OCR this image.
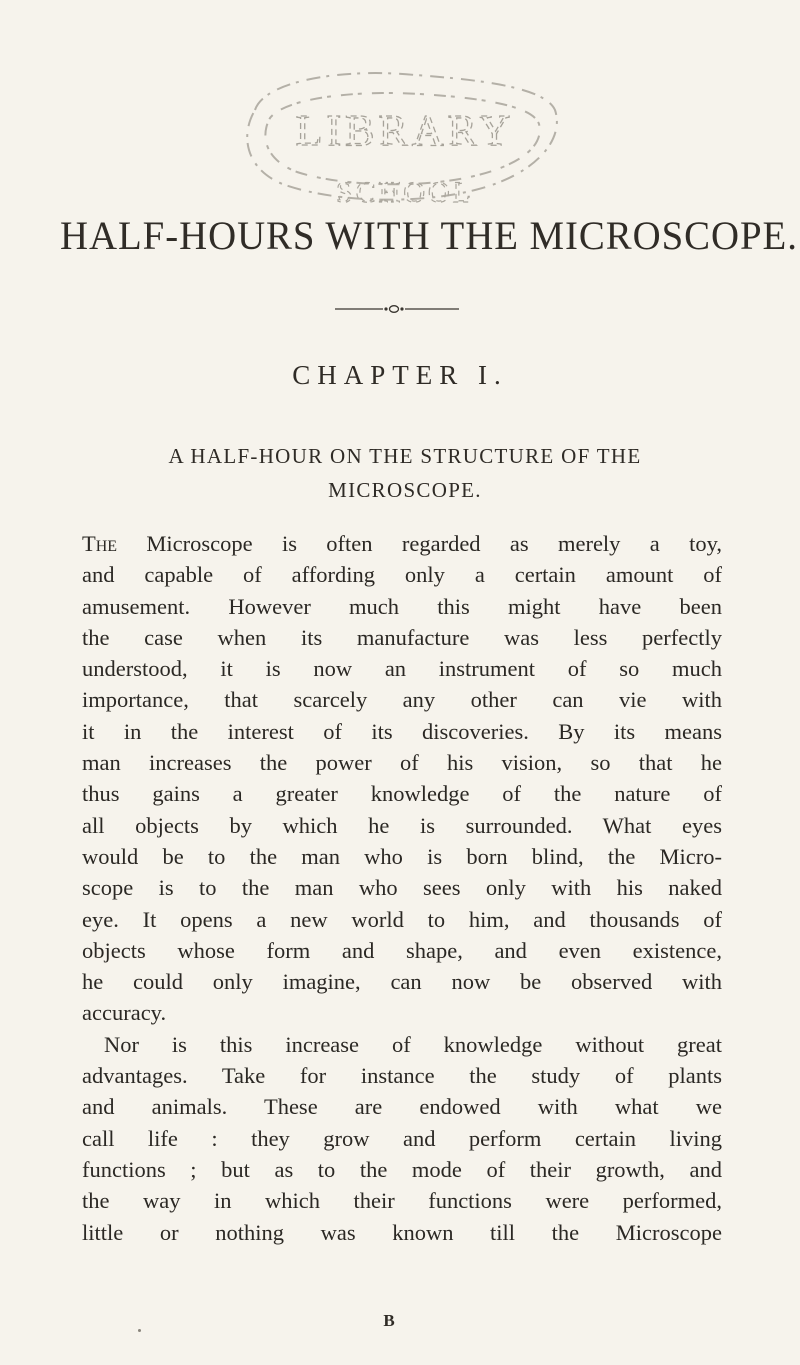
LIBRARY
SCHOOL
HALF-HOURS WITH THE MICROSCOPE.
CHAPTER I.
A HALF-HOUR ON THE STRUCTURE OF THE
MICROSCOPE.

The Microscope is often regarded as merely a toy,

and capable of affording only a certain amount of

amusement. However much this might have been

the case when its manufacture was less perfectly

understood, it is now an instrument of so much

importance, that scarcely any other can vie with

it in the interest of its discoveries. By its means

man increases the power of his vision, so that he

thus gains a greater knowledge of the nature of

all objects by which he is surrounded. What eyes

would be to the man who is born blind, the Micro-

scope is to the man who sees only with his naked

eye. It opens a new world to him, and thousands of

objects whose form and shape, and even existence,

he could only imagine, can now be observed with

accuracy.

Nor is this increase of knowledge without great

advantages. Take for instance the study of plants

and animals. These are endowed with what we

call life : they grow and perform certain living

functions ; but as to the mode of their growth, and

the way in which their functions were performed,

little or nothing was known till the Microscope

B
